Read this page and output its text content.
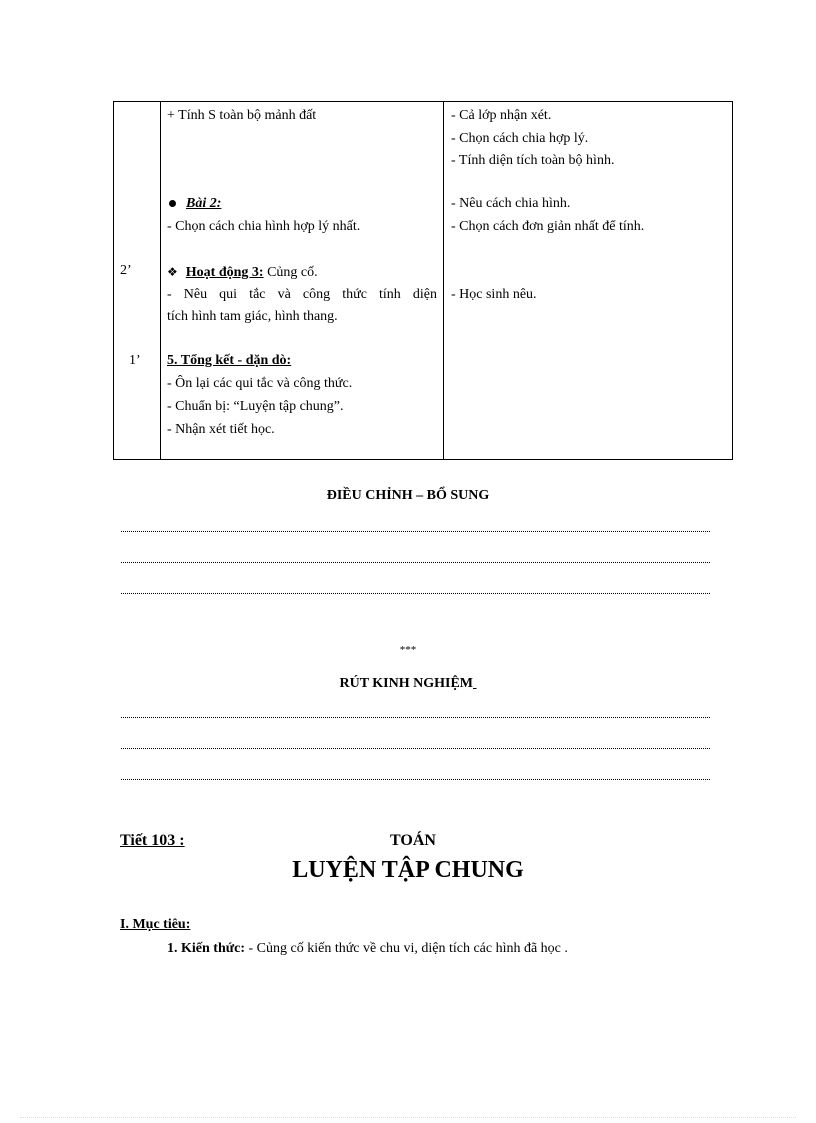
2’
1’
+ Tính S toàn bộ mảnh đất
Bài 2:
- Chọn cách chia hình hợp lý nhất.
❖ Hoạt động 3: Củng cố.
- Nêu qui tắc và công thức tính diện
tích hình tam giác, hình thang.
5. Tổng kết - dặn dò:
- Ôn lại các qui tắc và công thức.
- Chuẩn bị: “Luyện tập chung”.
- Nhận xét tiết học.
- Cả lớp nhận xét.
- Chọn cách chia hợp lý.
- Tính diện tích toàn bộ hình.
- Nêu cách chia hình.
- Chọn cách đơn giản nhất để tính.
- Học sinh nêu.
ĐIỀU CHỈNH – BỔ SUNG
***
RÚT KINH NGHIỆM
Tiết 103 :	TOÁN
LUYỆN TẬP CHUNG
I. Mục tiêu:
1. Kiến thức: - Củng cố kiến thức về chu vi, diện tích các hình đã học .
